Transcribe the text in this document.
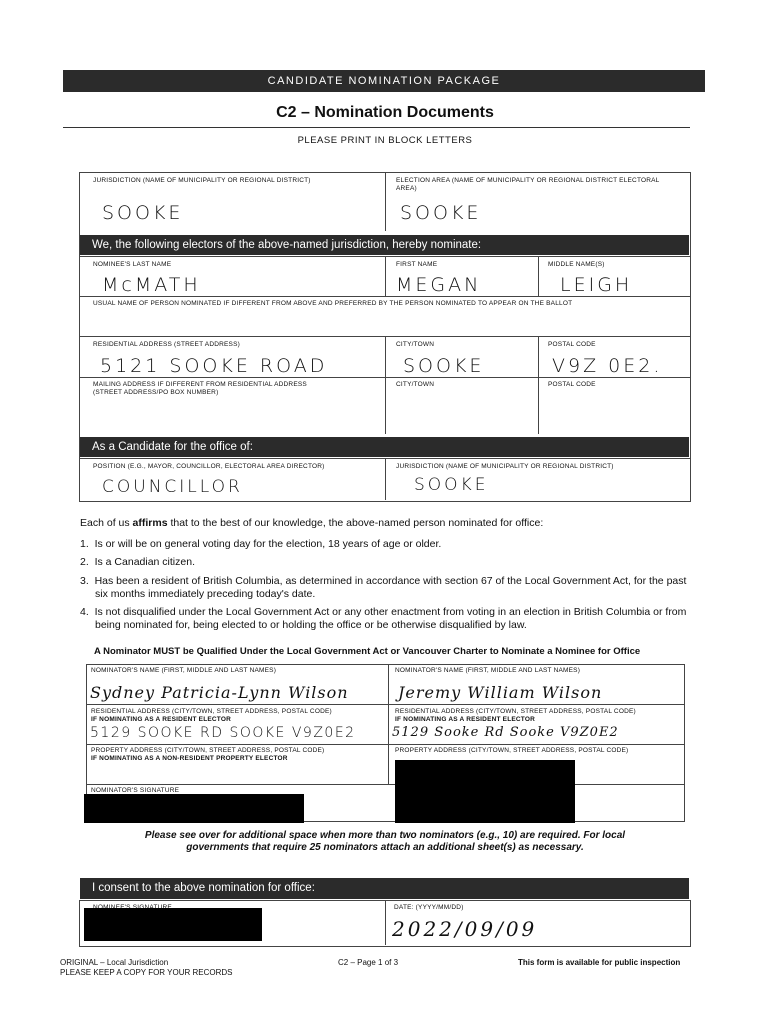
CANDIDATE NOMINATION PACKAGE
C2 – Nomination Documents
PLEASE PRINT IN BLOCK LETTERS
JURISDICTION (NAME OF MUNICIPALITY OR REGIONAL DISTRICT)
SOOKE
ELECTION AREA (NAME OF MUNICIPALITY OR REGIONAL DISTRICT ELECTORAL AREA)
SOOKE
We, the following electors of the above-named jurisdiction, hereby nominate:
NOMINEE'S LAST NAME
McMATH
FIRST NAME
MEGAN
MIDDLE NAME(S)
LEIGH
USUAL NAME OF PERSON NOMINATED IF DIFFERENT FROM ABOVE AND PREFERRED BY THE PERSON NOMINATED TO APPEAR ON THE BALLOT
RESIDENTIAL ADDRESS (STREET ADDRESS)
5121 SOOKE ROAD
CITY/TOWN
SOOKE
POSTAL CODE
V9Z 0E2.
MAILING ADDRESS IF DIFFERENT FROM RESIDENTIAL ADDRESS
(STREET ADDRESS/PO BOX NUMBER)
CITY/TOWN	POSTAL CODE
As a Candidate for the office of:
POSITION (E.G., MAYOR, COUNCILLOR, ELECTORAL AREA DIRECTOR)
COUNCILLOR
JURISDICTION (NAME OF MUNICIPALITY OR REGIONAL DISTRICT)
SOOKE
Each of us affirms that to the best of our knowledge, the above-named person nominated for office:
1.  Is or will be on general voting day for the election, 18 years of age or older.
2.  Is a Canadian citizen.
3.  Has been a resident of British Columbia, as determined in accordance with section 67 of the Local Government Act, for the past six months immediately preceding today's date.
4.  Is not disqualified under the Local Government Act or any other enactment from voting in an election in British Columbia or from being nominated for, being elected to or holding the office or be otherwise disqualified by law.
A Nominator MUST be Qualified Under the Local Government Act or Vancouver Charter to Nominate a Nominee for Office
NOMINATOR'S NAME (FIRST, MIDDLE AND LAST NAMES)
Sydney Patricia-Lynn Wilson
NOMINATOR'S NAME (FIRST, MIDDLE AND LAST NAMES)
Jeremy William Wilson
RESIDENTIAL ADDRESS (CITY/TOWN, STREET ADDRESS, POSTAL CODE)
IF NOMINATING AS A RESIDENT ELECTOR
5129 SOOKE RD SOOKE V9Z0E2
RESIDENTIAL ADDRESS (CITY/TOWN, STREET ADDRESS, POSTAL CODE)
IF NOMINATING AS A RESIDENT ELECTOR
5129 Sooke Rd Sooke V9Z0E2
PROPERTY ADDRESS (CITY/TOWN, STREET ADDRESS, POSTAL CODE)
IF NOMINATING AS A NON-RESIDENT PROPERTY ELECTOR
PROPERTY ADDRESS (CITY/TOWN, STREET ADDRESS, POSTAL CODE)
NOMINATOR'S SIGNATURE
Please see over for additional space when more than two nominators (e.g., 10) are required. For local
governments that require 25 nominators attach an additional sheet(s) as necessary.
I consent to the above nomination for office:
DATE: (YYYY/MM/DD)
2022/09/09
ORIGINAL – Local Jurisdiction
PLEASE KEEP A COPY FOR YOUR RECORDS
C2 – Page 1 of 3	This form is available for public inspection
